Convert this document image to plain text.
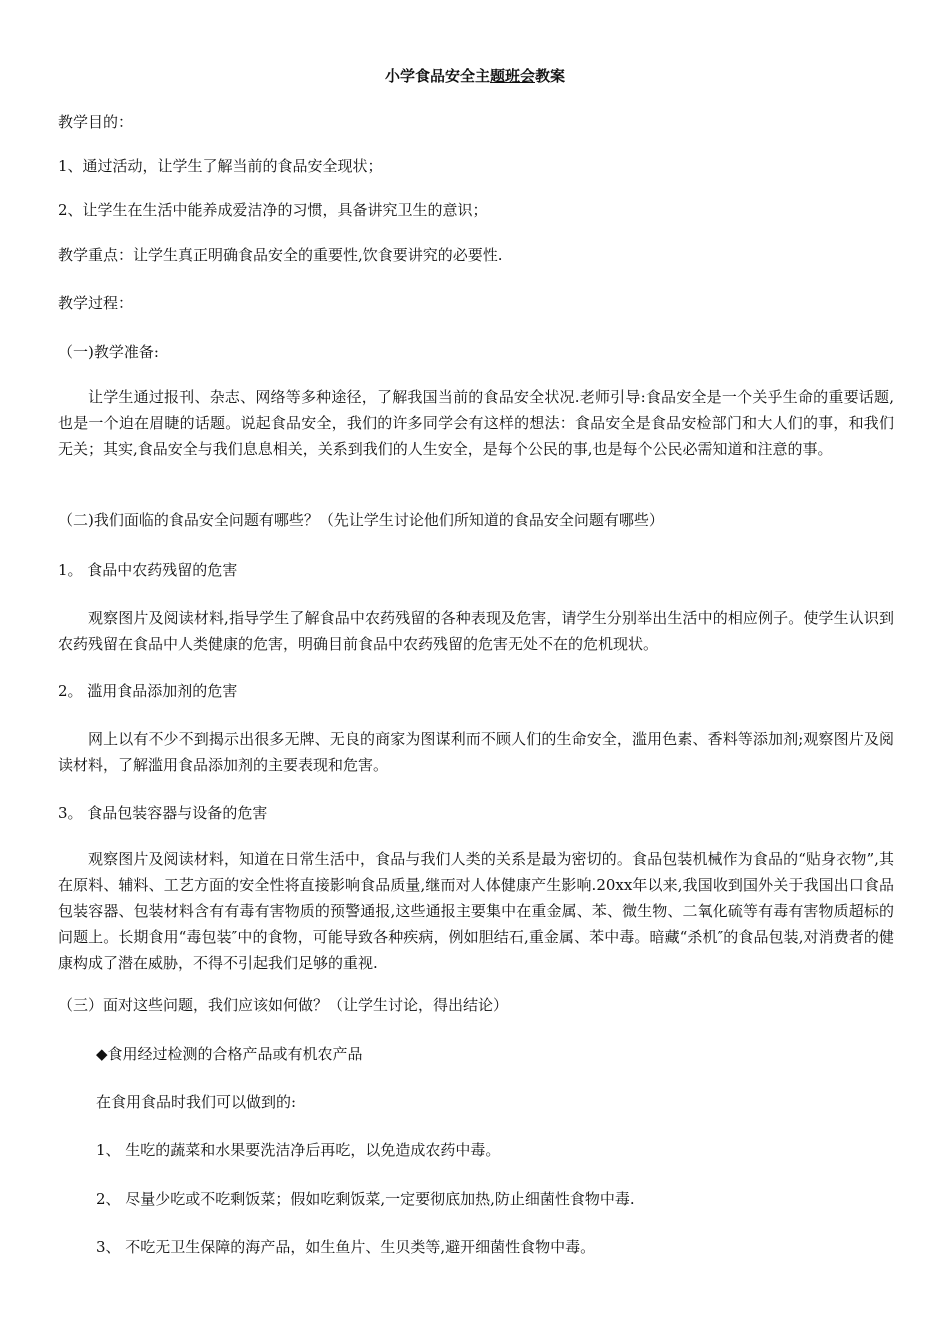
小学食品安全主题班会教案
教学目的：
1、通过活动，让学生了解当前的食品安全现状；
2、让学生在生活中能养成爱洁净的习惯，具备讲究卫生的意识；
教学重点：让学生真正明确食品安全的重要性,饮食要讲究的必要性.
教学过程：
（一)教学准备:
让学生通过报刊、杂志、网络等多种途径，了解我国当前的食品安全状况.老师引导:食品安全是一个关乎生命的重要话题,也是一个迫在眉睫的话题。说起食品安全，我们的许多同学会有这样的想法：食品安全是食品安检部门和大人们的事，和我们无关；其实,食品安全与我们息息相关，关系到我们的人生安全，是每个公民的事,也是每个公民必需知道和注意的事。
（二)我们面临的食品安全问题有哪些？（先让学生讨论他们所知道的食品安全问题有哪些）
1。 食品中农药残留的危害
观察图片及阅读材料,指导学生了解食品中农药残留的各种表现及危害，请学生分别举出生活中的相应例子。使学生认识到农药残留在食品中人类健康的危害，明确目前食品中农药残留的危害无处不在的危机现状。
2。 滥用食品添加剂的危害
网上以有不少不到揭示出很多无牌、无良的商家为图谋利而不顾人们的生命安全，滥用色素、香料等添加剂;观察图片及阅读材料，了解滥用食品添加剂的主要表现和危害。
3。 食品包装容器与设备的危害
观察图片及阅读材料，知道在日常生活中，食品与我们人类的关系是最为密切的。食品包装机械作为食品的“贴身衣物”,其在原料、辅料、工艺方面的安全性将直接影响食品质量,继而对人体健康产生影响.20xx年以来,我国收到国外关于我国出口食品包装容器、包装材料含有有毒有害物质的预警通报,这些通报主要集中在重金属、苯、微生物、二氧化硫等有毒有害物质超标的问题上。长期食用“毒包装″中的食物，可能导致各种疾病，例如胆结石,重金属、苯中毒。暗藏“杀机″的食品包装,对消费者的健康构成了潜在威胁，不得不引起我们足够的重视.
（三）面对这些问题，我们应该如何做？（让学生讨论，得出结论）
◆食用经过检测的合格产品或有机农产品
在食用食品时我们可以做到的:
1、 生吃的蔬菜和水果要洗洁净后再吃，以免造成农药中毒。
2、 尽量少吃或不吃剩饭菜；假如吃剩饭菜,一定要彻底加热,防止细菌性食物中毒.
3、 不吃无卫生保障的海产品，如生鱼片、生贝类等,避开细菌性食物中毒。
